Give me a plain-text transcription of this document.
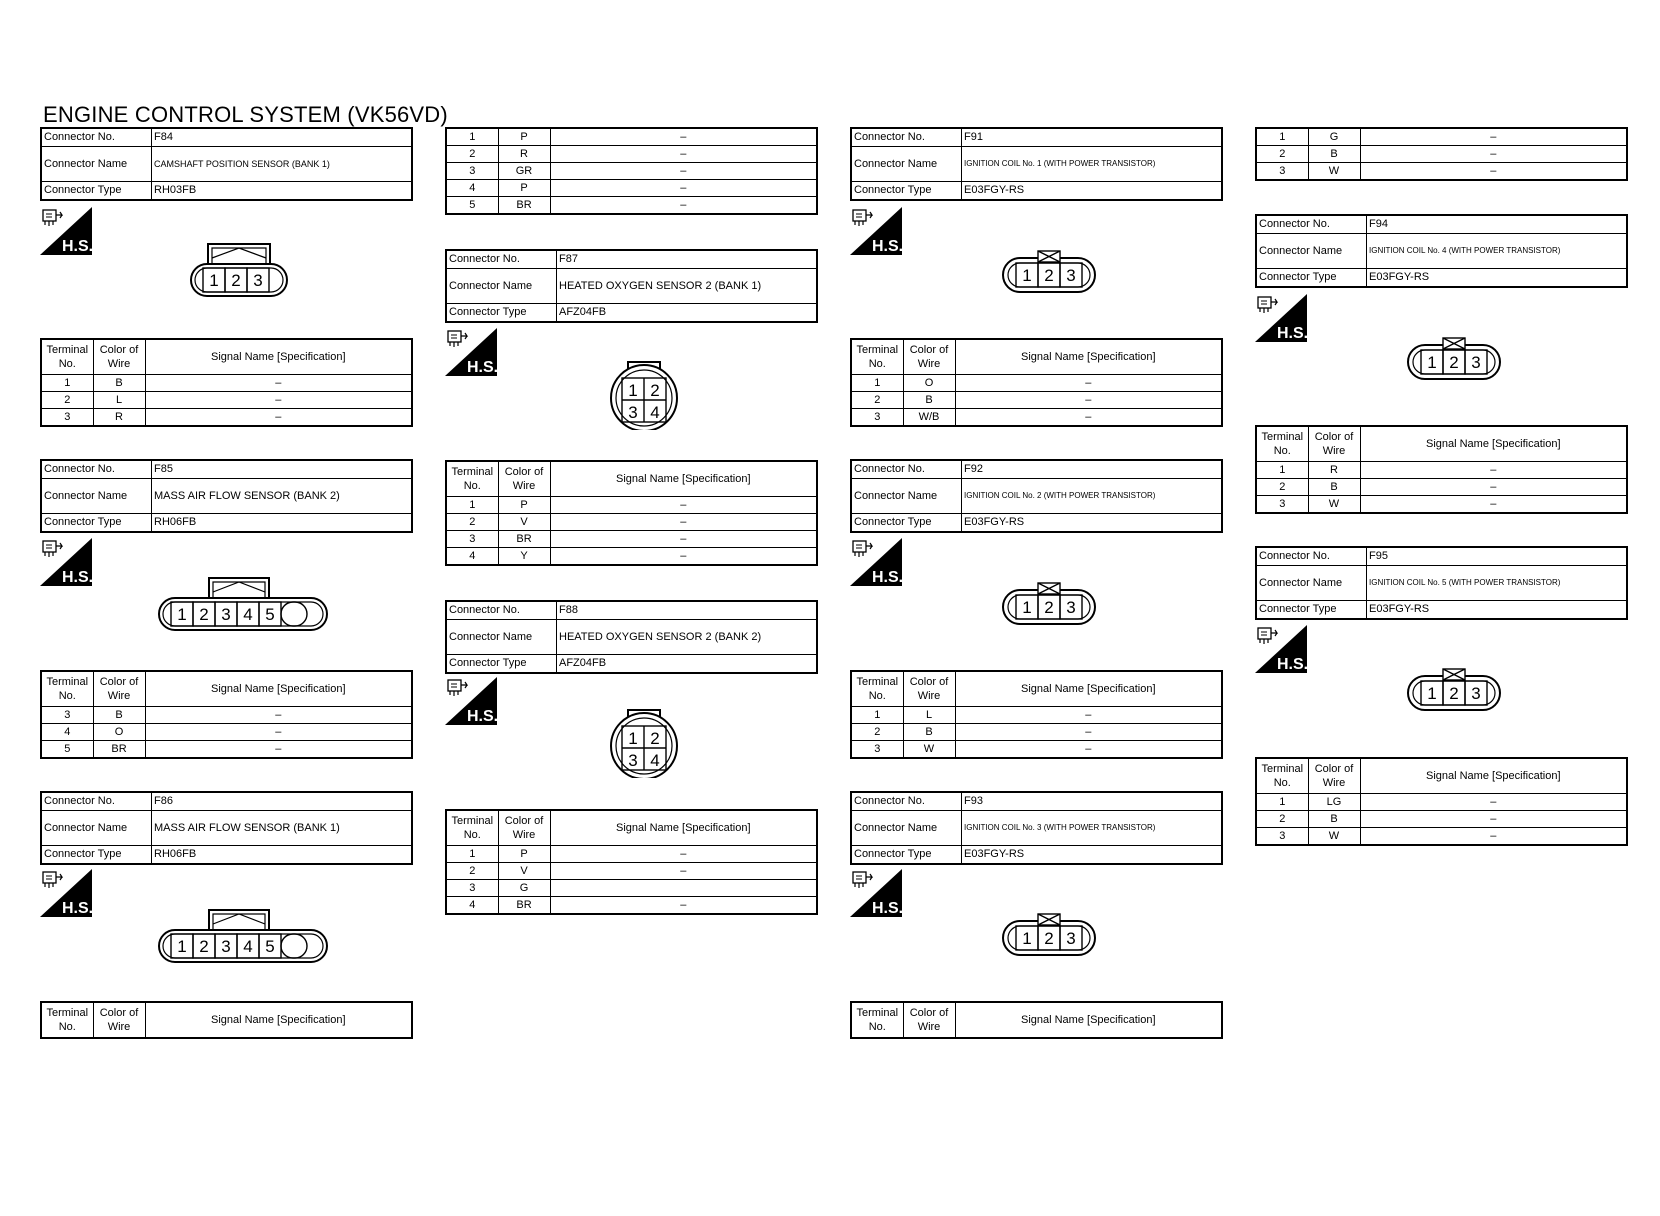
ENGINE CONTROL SYSTEM (VK56VD)
Connector No.	F84
Connector Name	CAMSHAFT POSITION SENSOR (BANK 1)
Connector Type	RH03FB
H.S.
1 2 3
Terminal No.	Color of Wire	Signal Name [Specification]
1	B	–
2	L	–
3	R	–
Connector No.	F85
Connector Name	MASS AIR FLOW SENSOR (BANK 2)
Connector Type	RH06FB
H.S.
1 2 3 4 5
Terminal No.	Color of Wire	Signal Name [Specification]
3	B	–
4	O	–
5	BR	–
Connector No.	F86
Connector Name	MASS AIR FLOW SENSOR (BANK 1)
Connector Type	RH06FB
H.S.
1 2 3 4 5
Terminal No.	Color of Wire	Signal Name [Specification]
1	P	–
2	R	–
3	GR	–
4	P	–
5	BR	–
Connector No.	F87
Connector Name	HEATED OXYGEN SENSOR 2 (BANK 1)
Connector Type	AFZ04FB
H.S.
1 2
3 4
Terminal No.	Color of Wire	Signal Name [Specification]
1	P	–
2	V	–
3	BR	–
4	Y	–
Connector No.	F88
Connector Name	HEATED OXYGEN SENSOR 2 (BANK 2)
Connector Type	AFZ04FB
H.S.
1 2
3 4
Terminal No.	Color of Wire	Signal Name [Specification]
1	P	–
2	V	–
3	G	
4	BR	–
Connector No.	F91
Connector Name	IGNITION COIL No. 1 (WITH POWER TRANSISTOR)
Connector Type	E03FGY-RS
H.S.
1 2 3
Terminal No.	Color of Wire	Signal Name [Specification]
1	O	–
2	B	–
3	W/B	–
Connector No.	F92
Connector Name	IGNITION COIL No. 2 (WITH POWER TRANSISTOR)
Connector Type	E03FGY-RS
H.S.
1 2 3
Terminal No.	Color of Wire	Signal Name [Specification]
1	L	–
2	B	–
3	W	–
Connector No.	F93
Connector Name	IGNITION COIL No. 3 (WITH POWER TRANSISTOR)
Connector Type	E03FGY-RS
H.S.
1 2 3
Terminal No.	Color of Wire	Signal Name [Specification]
1	G	–
2	B	–
3	W	–
Connector No.	F94
Connector Name	IGNITION COIL No. 4 (WITH POWER TRANSISTOR)
Connector Type	E03FGY-RS
H.S.
1 2 3
Terminal No.	Color of Wire	Signal Name [Specification]
1	R	–
2	B	–
3	W	–
Connector No.	F95
Connector Name	IGNITION COIL No. 5 (WITH POWER TRANSISTOR)
Connector Type	E03FGY-RS
H.S.
1 2 3
Terminal No.	Color of Wire	Signal Name [Specification]
1	LG	–
2	B	–
3	W	–
